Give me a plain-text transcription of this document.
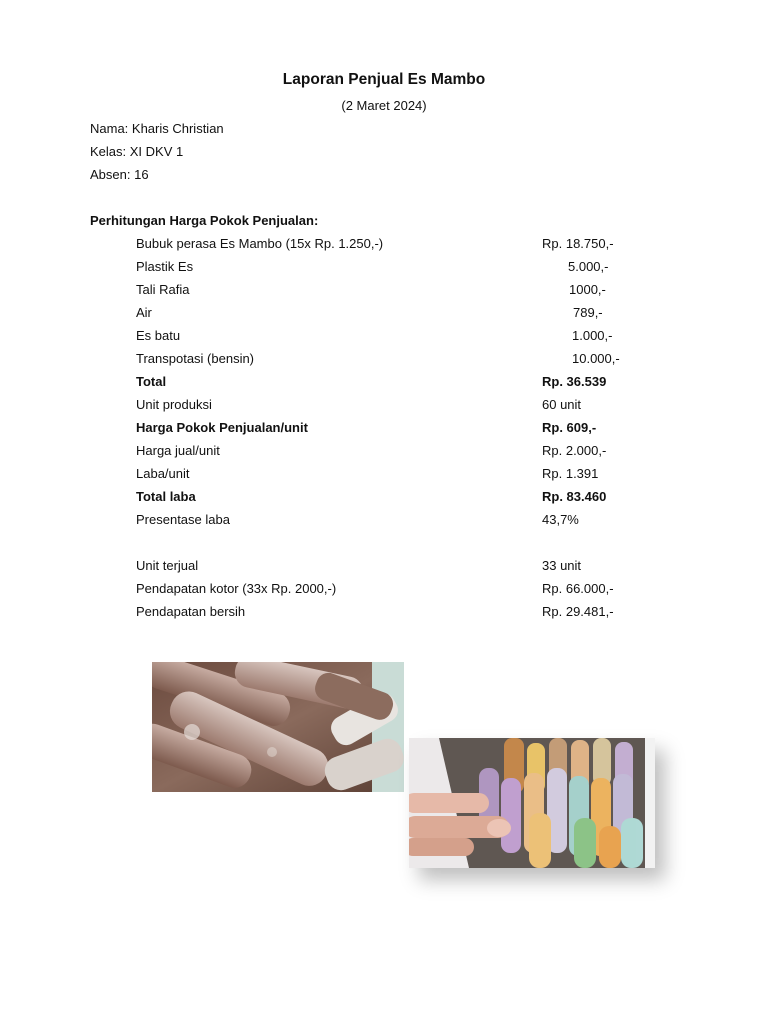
Laporan Penjual Es Mambo
(2 Maret 2024)
Nama: Kharis Christian
Kelas: XI DKV 1
Absen: 16
Perhitungan Harga Pokok Penjualan:
Bubuk perasa Es Mambo (15x Rp. 1.250,-)	Rp. 18.750,-
Plastik Es	5.000,-
Tali Rafia	1000,-
Air	789,-
Es batu	1.000,-
Transpotasi (bensin)	10.000,-
Total	Rp. 36.539
Unit produksi	60 unit
Harga Pokok Penjualan/unit	Rp. 609,-
Harga jual/unit	Rp. 2.000,-
Laba/unit	Rp. 1.391
Total laba	Rp. 83.460
Presentase laba	43,7%
Unit terjual	33 unit
Pendapatan kotor (33x Rp. 2000,-)	Rp. 66.000,-
Pendapatan bersih	Rp. 29.481,-
